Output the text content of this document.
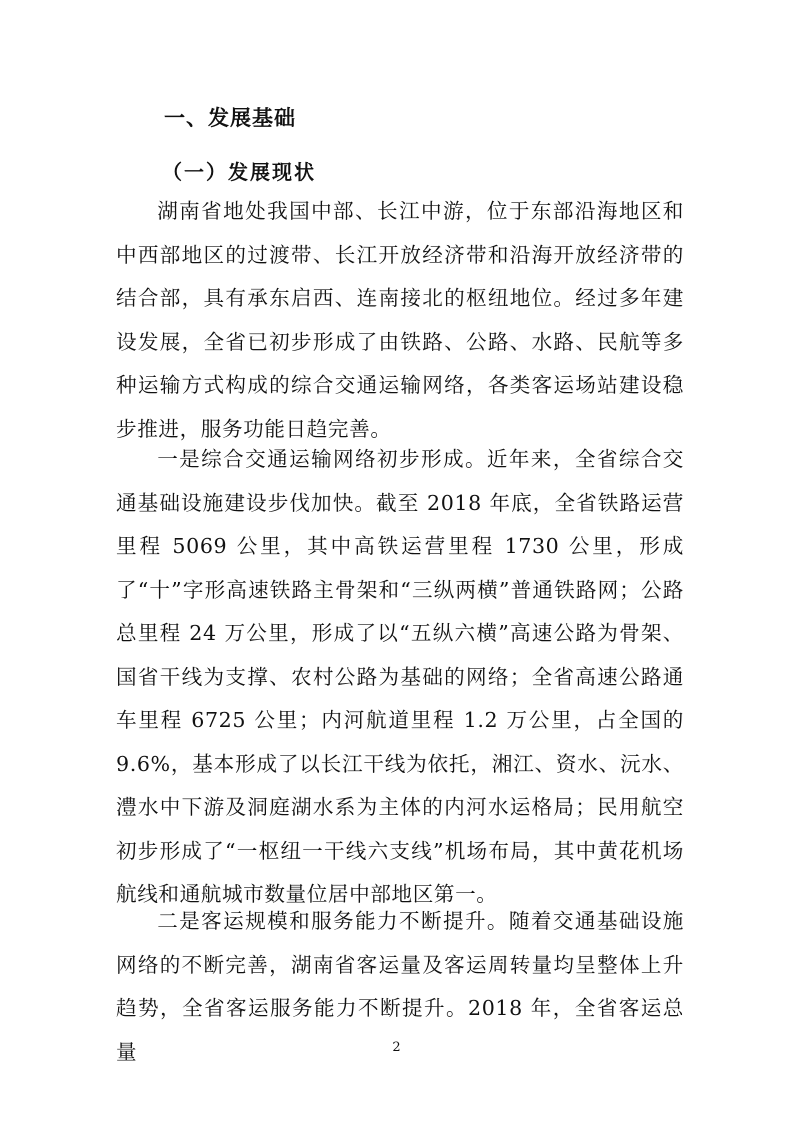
一、发展基础
（一）发展现状

湖南省地处我国中部、长江中游，位于东部沿海地区和中西部地区的过渡带、长江开放经济带和沿海开放经济带的结合部，具有承东启西、连南接北的枢纽地位。经过多年建设发展，全省已初步形成了由铁路、公路、水路、民航等多种运输方式构成的综合交通运输网络，各类客运场站建设稳步推进，服务功能日趋完善。

一是综合交通运输网络初步形成。近年来，全省综合交通基础设施建设步伐加快。截至 2018 年底，全省铁路运营里程 5069 公里，其中高铁运营里程 1730 公里，形成了“十”字形高速铁路主骨架和“三纵两横”普通铁路网；公路总里程 24 万公里，形成了以“五纵六横”高速公路为骨架、国省干线为支撑、农村公路为基础的网络；全省高速公路通车里程 6725 公里；内河航道里程 1.2 万公里，占全国的 9.6%，基本形成了以长江干线为依托，湘江、资水、沅水、澧水中下游及洞庭湖水系为主体的内河水运格局；民用航空初步形成了“一枢纽一干线六支线”机场布局，其中黄花机场航线和通航城市数量位居中部地区第一。

二是客运规模和服务能力不断提升。随着交通基础设施网络的不断完善，湖南省客运量及客运周转量均呈整体上升趋势，全省客运服务能力不断提升。2018 年，全省客运总量	2
